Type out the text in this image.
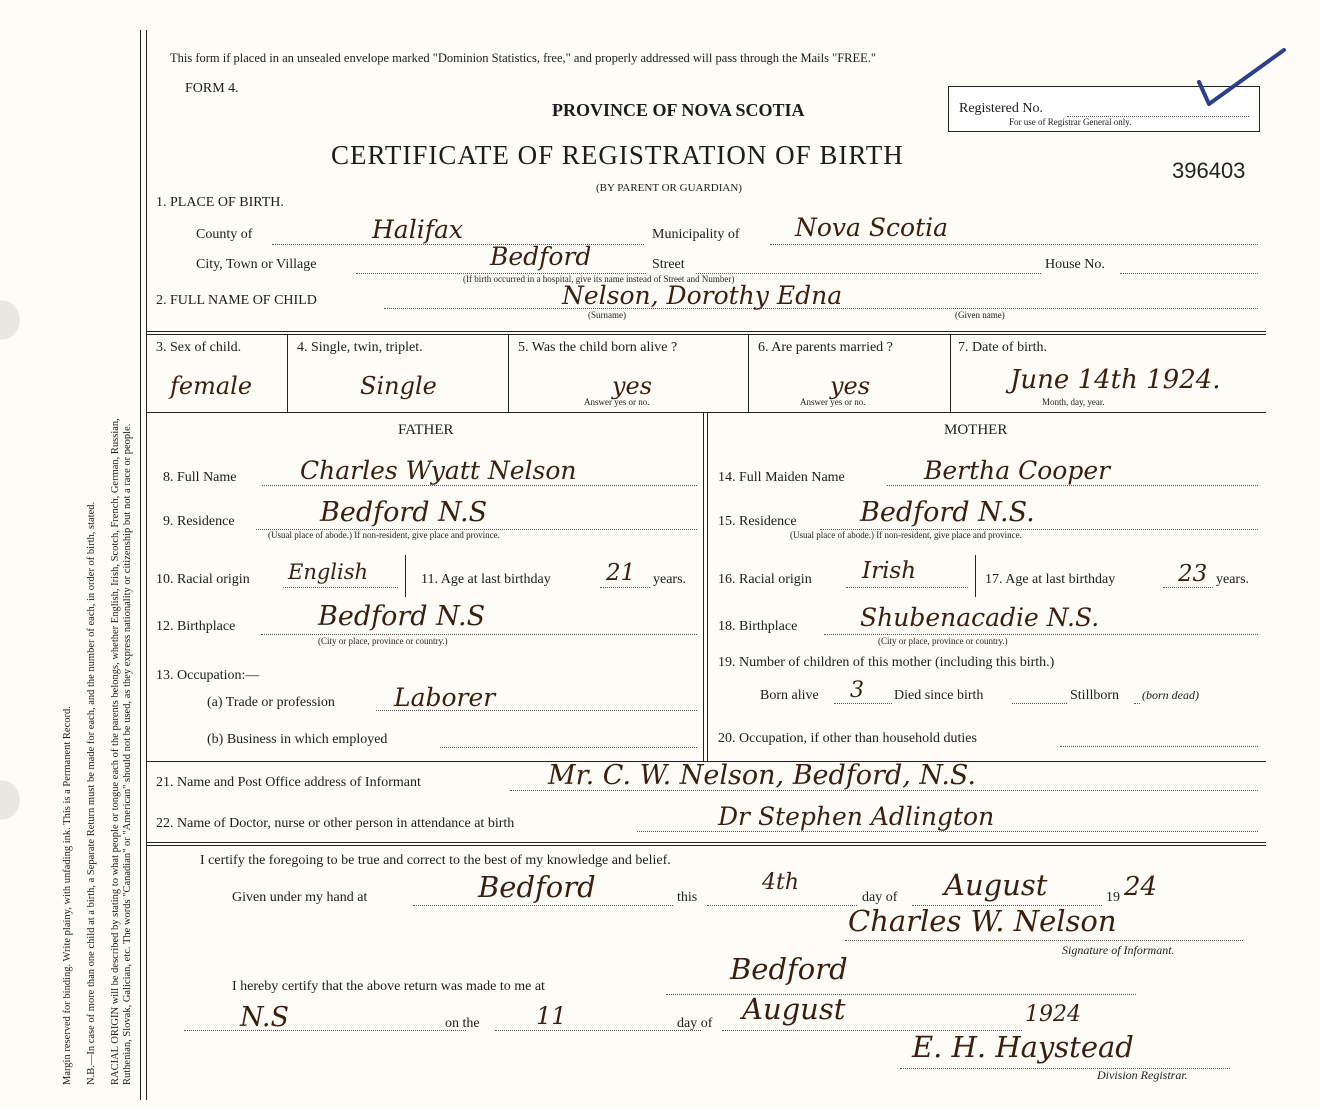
Margin reserved for binding. Write plainy, with unfading ink. This is a Permanent Record. N.B.—In case of more than one child at a birth, a Separate Return must be made for each, and the number of each, in order of birth, stated. RACIAL ORIGIN will be described by stating to what people or tongue each of the parents belongs, whether English, Irish, Scotch, French, German, Russian, Ruthenian, Slovak, Galician, etc. The words "Canadian" or "American" should not be used, as they express nationality or citizenship but not a race or people.
This form if placed in an unsealed envelope marked "Dominion Statistics, free," and properly addressed will pass through the Mails "FREE."
FORM 4.
PROVINCE OF NOVA SCOTIA
CERTIFICATE OF REGISTRATION OF BIRTH
(BY PARENT OR GUARDIAN)
Registered No.
For use of Registrar General only.
396403
1. PLACE OF BIRTH.
County of	Halifax	Municipality of Nova Scotia
City, Town or Village	Bedford	Street	House No.
(If birth occurred in a hospital, give its name instead of Street and Number)
2. FULL NAME OF CHILD	Nelson, Dorothy Edna
(Surname)	(Given name)
3. Sex of child.
female
4. Single, twin, triplet.
Single
5. Was the child born alive ?
yes
Answer yes or no.
6. Are parents married ?
yes
Answer yes or no.
7. Date of birth.
June 14th 1924.
Month, day, year.
FATHER	MOTHER
8. Full Name	Charles Wyatt Nelson
9. Residence	Bedford N.S
(Usual place of abode.) If non-resident, give place and province.
10. Racial origin English	11. Age at last birthday 21 years.
12. Birthplace	Bedford N.S
(City or place, province or country.)
13. Occupation:—
(a) Trade or profession Laborer
(b) Business in which employed
14. Full Maiden Name	Bertha Cooper
15. Residence Bedford N.S.
(Usual place of abode.) If non-resident, give place and province.
16. Racial origin Irish	17. Age at last birthday	23 years.
18. Birthplace	Shubenacadie N.S.
(City or place, province or country.)
19. Number of children of this mother (including this birth.)
Born alive 3 Died since birth	Stillborn (born dead)
20. Occupation, if other than household duties
21. Name and Post Office address of Informant	Mr. C. W. Nelson, Bedford, N.S.
22. Name of Doctor, nurse or other person in attendance at birth	Dr Stephen Adlington
I certify the foregoing to be true and correct to the best of my knowledge and belief.
Given under my hand at	Bedford	this
4th
day of August	19 24
Charles W. Nelson
Signature of Informant.
I hereby certify that the above return was made to me at
Bedford
N.S	on the 11	day of August	1924
E. H. Haystead
Division Registrar.
